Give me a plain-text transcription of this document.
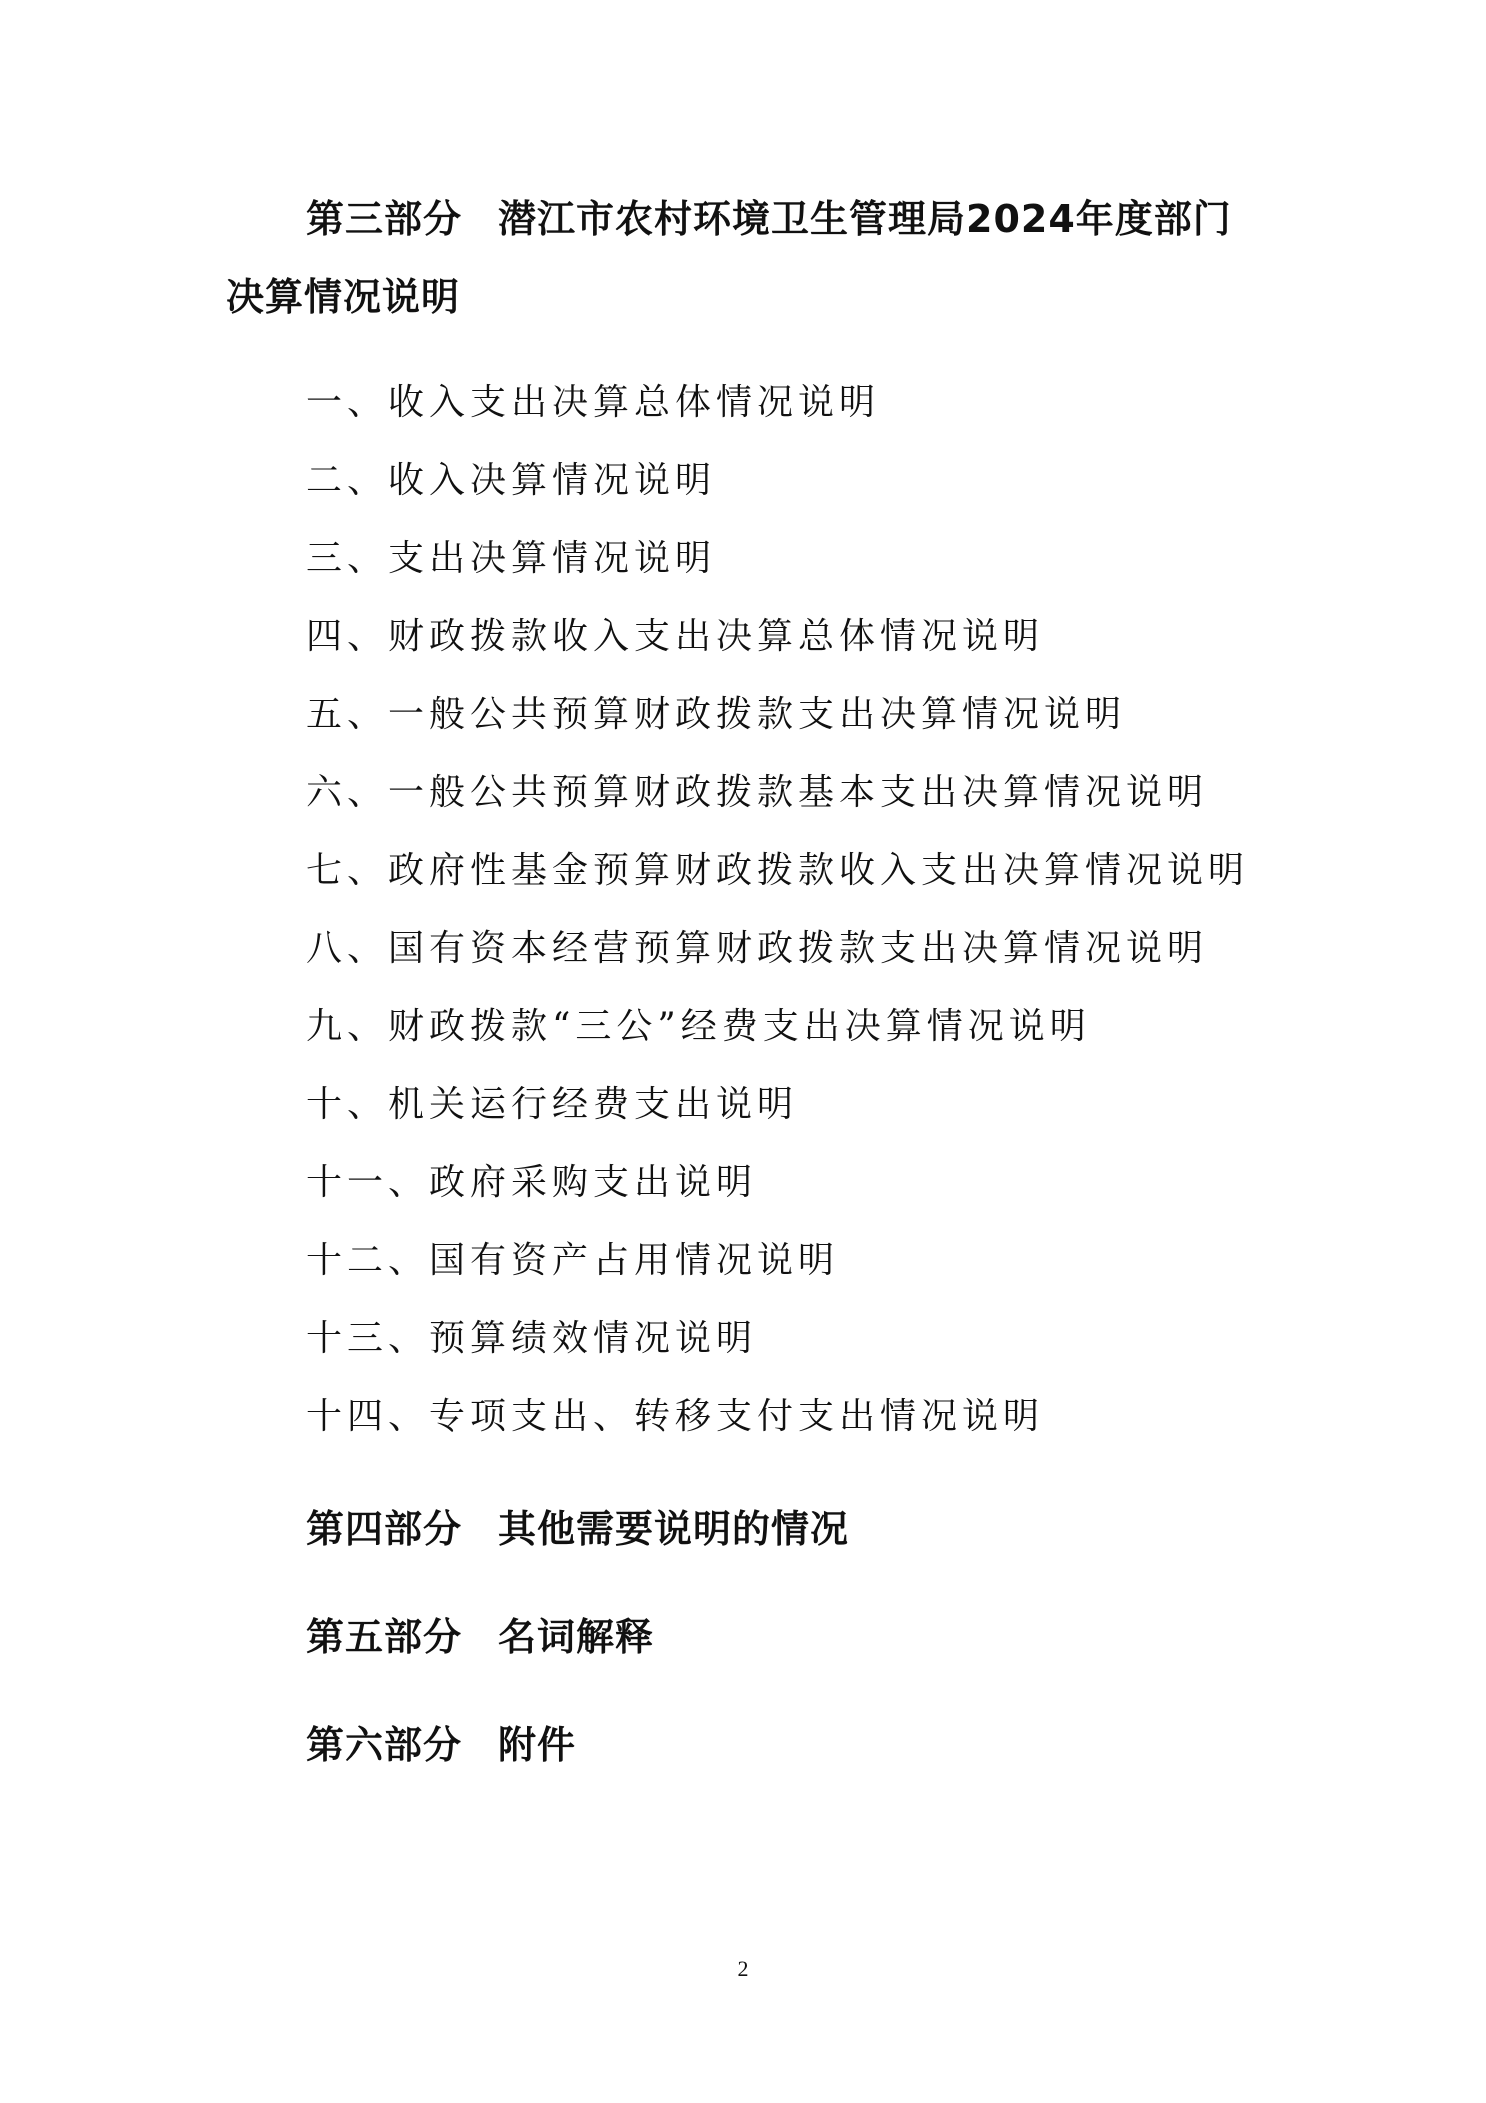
第三部分 潜江市农村环境卫生管理局2024年度部门
决算情况说明
一、收入支出决算总体情况说明
二、收入决算情况说明
三、支出决算情况说明
四、财政拨款收入支出决算总体情况说明
五、一般公共预算财政拨款支出决算情况说明
六、一般公共预算财政拨款基本支出决算情况说明
七、政府性基金预算财政拨款收入支出决算情况说明
八、国有资本经营预算财政拨款支出决算情况说明
九、财政拨款“三公”经费支出决算情况说明
十、机关运行经费支出说明
十一、政府采购支出说明
十二、国有资产占用情况说明
十三、预算绩效情况说明
十四、专项支出、转移支付支出情况说明
第四部分 其他需要说明的情况
第五部分 名词解释
第六部分 附件
2
